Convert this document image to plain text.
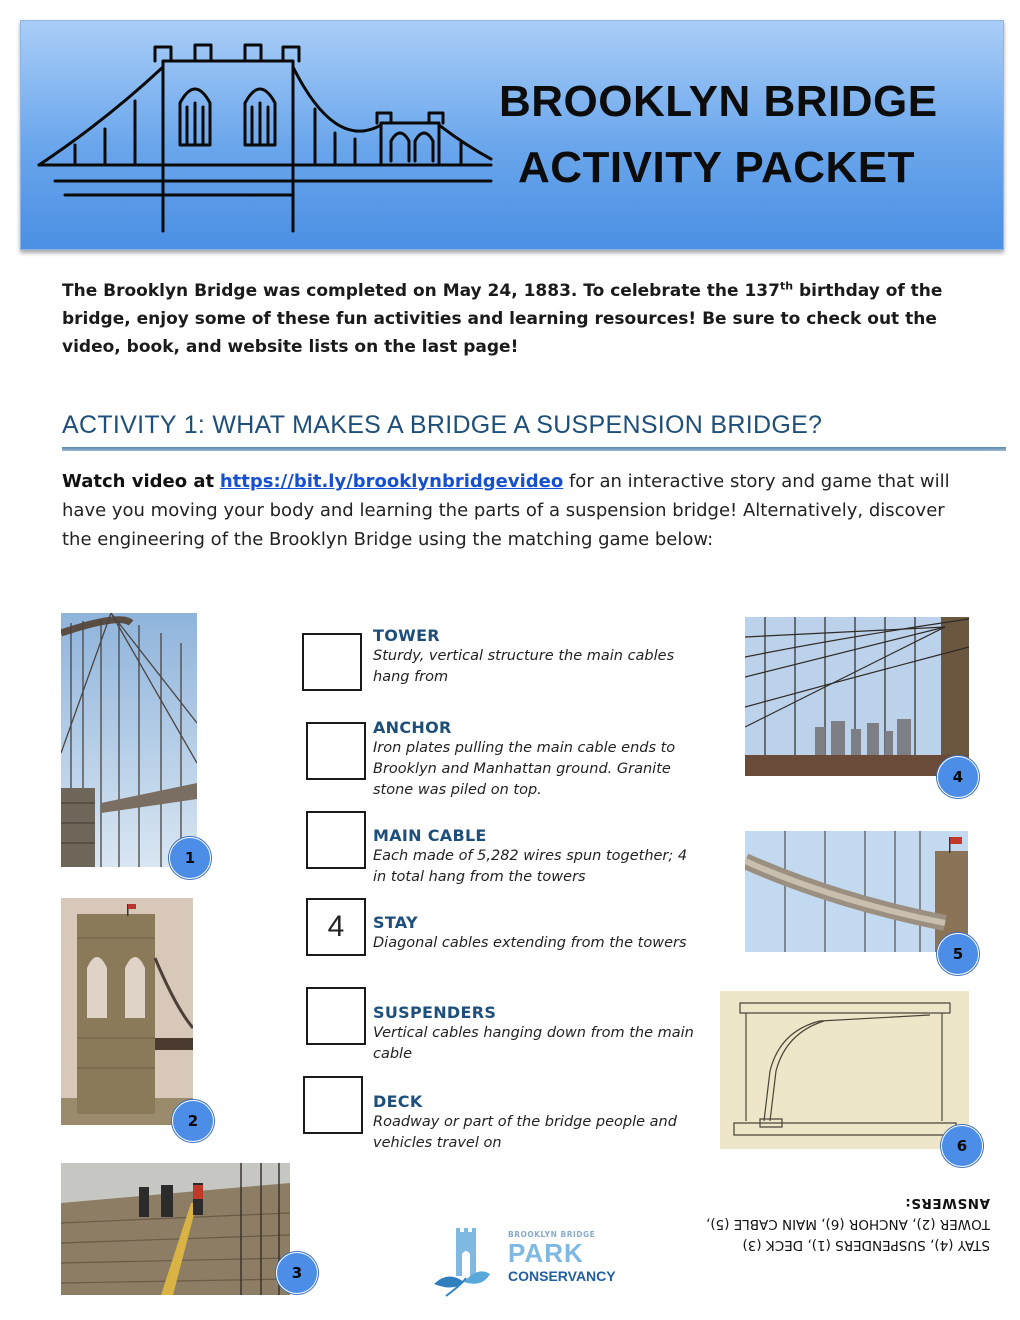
BROOKLYN BRIDGE
ACTIVITY PACKET
The Brooklyn Bridge was completed on May 24, 1883. To celebrate the 137th birthday of the bridge, enjoy some of these fun activities and learning resources! Be sure to check out the video, book, and website lists on the last page!
ACTIVITY 1: WHAT MAKES A BRIDGE A SUSPENSION BRIDGE?
Watch video at https://bit.ly/brooklynbridgevideo for an interactive story and game that will have you moving your body and learning the parts of a suspension bridge! Alternatively, discover the engineering of the Brooklyn Bridge using the matching game below:
1
2
3
4
5
6
4
TOWER
Sturdy, vertical structure the main cables hang from
ANCHOR
Iron plates pulling the main cable ends to Brooklyn and Manhattan ground. Granite stone was piled on top.
MAIN CABLE
Each made of 5,282 wires spun together; 4 in total hang from the towers
STAY
Diagonal cables extending from the towers
SUSPENDERS
Vertical cables hanging down from the main cable
DECK
Roadway or part of the bridge people and vehicles travel on
BROOKLYN BRIDGE
PARK
CONSERVANCY
STAY (4), SUSPENDERS (1), DECK (3)
TOWER (2), ANCHOR (6), MAIN CABLE (5),
ANSWERS:
